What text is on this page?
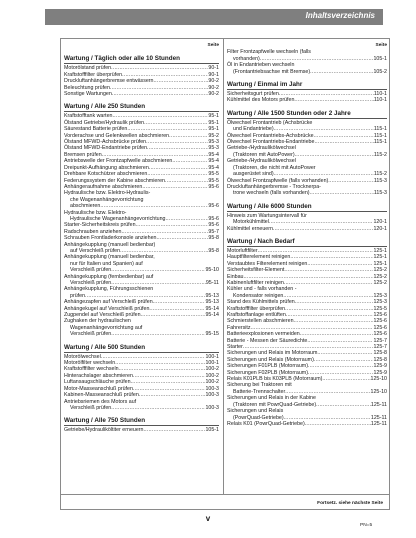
Inhaltsverzeichnis
Seite
Wartung / Täglich oder alle 10 Stunden
Motorölstand prüfen .....	90-1
Kraftstofffilter überprüfen .....	90-1
Druckluftanhängerbremse entwässern .....	90-2
Beleuchtung prüfen .....	90-2
Sonstige Wartungen .....	90-2
Wartung / Alle 250 Stunden
Kraftstofftank warten .....	95-1
Ölstand Getriebe/Hydraulik prüfen .....	95-1
Säurestand Batterie prüfen .....	95-1
Vorderachse und Gelenkwellen abschmieren .....	95-2
Ölstand MFWD-Achsbrücke prüfen .....	95-3
Ölstand MFWD-Endantriebe prüfen .....	95-3
Bremsen prüfen .....	95-4
Antriebswelle der Frontzapfwelle abschmieren .....	95-4
Dreipunkt-Aufhängung abschmieren .....	95-4
Drehbare Kotschützer abschmieren .....	95-5
Federungssystem der Kabine abschmieren .....	95-5
Anhängeraufnahme abschmieren .....	95-6
Hydraulische bzw. Elektro-Hydraulis-
che Wagenanhängevorrichtung
abschmieren .....	95-6
Hydraulische bzw. Elektro-
Hydraulische Wagenanhängevorrichtung .....	95-6
Starter-Sicherheitskreis prüfen .....	95-6
Radschrauben anziehen .....	95-7
Schrauben Frontladerkonsole anziehen .....	95-8
Anhängekupplung (manuell bedienbar)
auf Verschleiß prüfen .....	95-8
Anhängekupplung (manuell bedienbar,
nur für Italien und Spanien) auf
Verschleiß prüfen .....	95-10
Anhängekupplung (fernbedienbar) auf
Verschleiß prüfen .....	95-11
Anhängekupplung, Führungsschienen
prüfen .....	95-13
Anhängezapfen auf Verschleiß prüfen .....	95-13
Anhängekugel auf Verschleiß prüfen .....	95-14
Zugpendel auf Verschleiß prüfen .....	95-14
Zughaken der hydraulischen
Wagenanhängevorrichtung auf
Verschleiß prüfen .....	95-15
Wartung / Alle 500 Stunden
Motorölwechsel .....	100-1
Motorölfilter wechseln .....	100-1
Kraftstofffilter wechseln .....	100-2
Hinterachslager abschmieren .....	100-2
Luftansaugschläuche prüfen .....	100-2
Motor-Masseanschluß prüfen .....	100-3
Kabinen-Masseanschluß prüfen .....	100-3
Antriebsriemen des Motors auf
Verschleiß prüfen .....	100-3
Wartung / Alle 750 Stunden
Getriebe/Hydrauliköltiter erneuern .....	105-1
Seite
Filter Frontzapfwelle wechseln (falls
vorhanden) .....	105-1
Öl in Endantrieben wechseln
(Frontantriebsachse mit Bremse) .....	105-2
Wartung / Einmal im Jahr
Sicherheitsgurt prüfen .....	110-1
Kühlmittel des Motors prüfen .....	110-1
Wartung / Alle 1500 Stunden oder 2 Jahre
Ölwechsel Frontantrieb (Achsbrücke
und Endantriebe) .....	115-1
Ölwechsel Frontantriebs-Achsbrücke .....	115-1
Ölwechsel Frontantriebs-Endantriebe .....	115-1
Getriebe-/Hydraulikölwechsel
(Traktoren mit AutoPower) .....	115-2
Getriebe-/Hydraulikölwechsel
(Traktoren, die nicht mit AutoPower
ausgerüstet sind) .....	115-2
Ölwechsel Frontzapfwelle (falls vorhanden) .....	115-3
Druckluftanhängerbremse - Trocknerpa-
trone wechseln (falls vorhanden) .....	115-3
Wartung / Alle 6000 Stunden
Hinweis zum Wartungsintervall für
Motorkühlmittel .....	120-1
Kühlmittel erneuern .....	120-1
Wartung / Nach Bedarf
Motorluftfilter .....	125-1
Hauptfilterelement reinigen .....	125-1
Verstaubtes Filterelement reinigen .....	125-1
Sicherheitsfilter-Element .....	125-2
Einbau .....	125-2
Kabinenluftfilter reinigen .....	125-2
Kühler und - falls vorhanden -
Kondensator reinigen .....	125-3
Stand des Kühlmittels prüfen .....	125-3
Kraftstofffilter überprüfen .....	125-5
Kraftstoffanlage entlüften .....	125-6
Schmierstellen abschmieren .....	125-6
Fahrersitz .....	125-6
Batterieexplosionen vermeiden .....	125-6
Batterie - Messen der Säuredichte .....	125-7
Starter .....	125-7
Sicherungen und Relais im Motorraum .....	125-8
Sicherungen und Relais (Motorraum) .....	125-8
Sicherungen F01PLB (Motorraum) .....	125-9
Sicherungen F02PLB (Motorraum) .....	125-9
Relais K01PLB bis K03PLB (Motorraum) .....	125-10
Sicherung bei Traktoren mit
Batterie-Trennschalter .....	125-10
Sicherungen und Relais in der Kabine
(Traktoren mit PowrQuad-Getriebe) .....	125-11
Sicherungen und Relais
(PowrQuad-Getriebe) .....	125-11
Relais K01 (PowrQuad-Getriebe) .....	125-11
Fortsetz. siehe nächste Seite
v
PN=5
